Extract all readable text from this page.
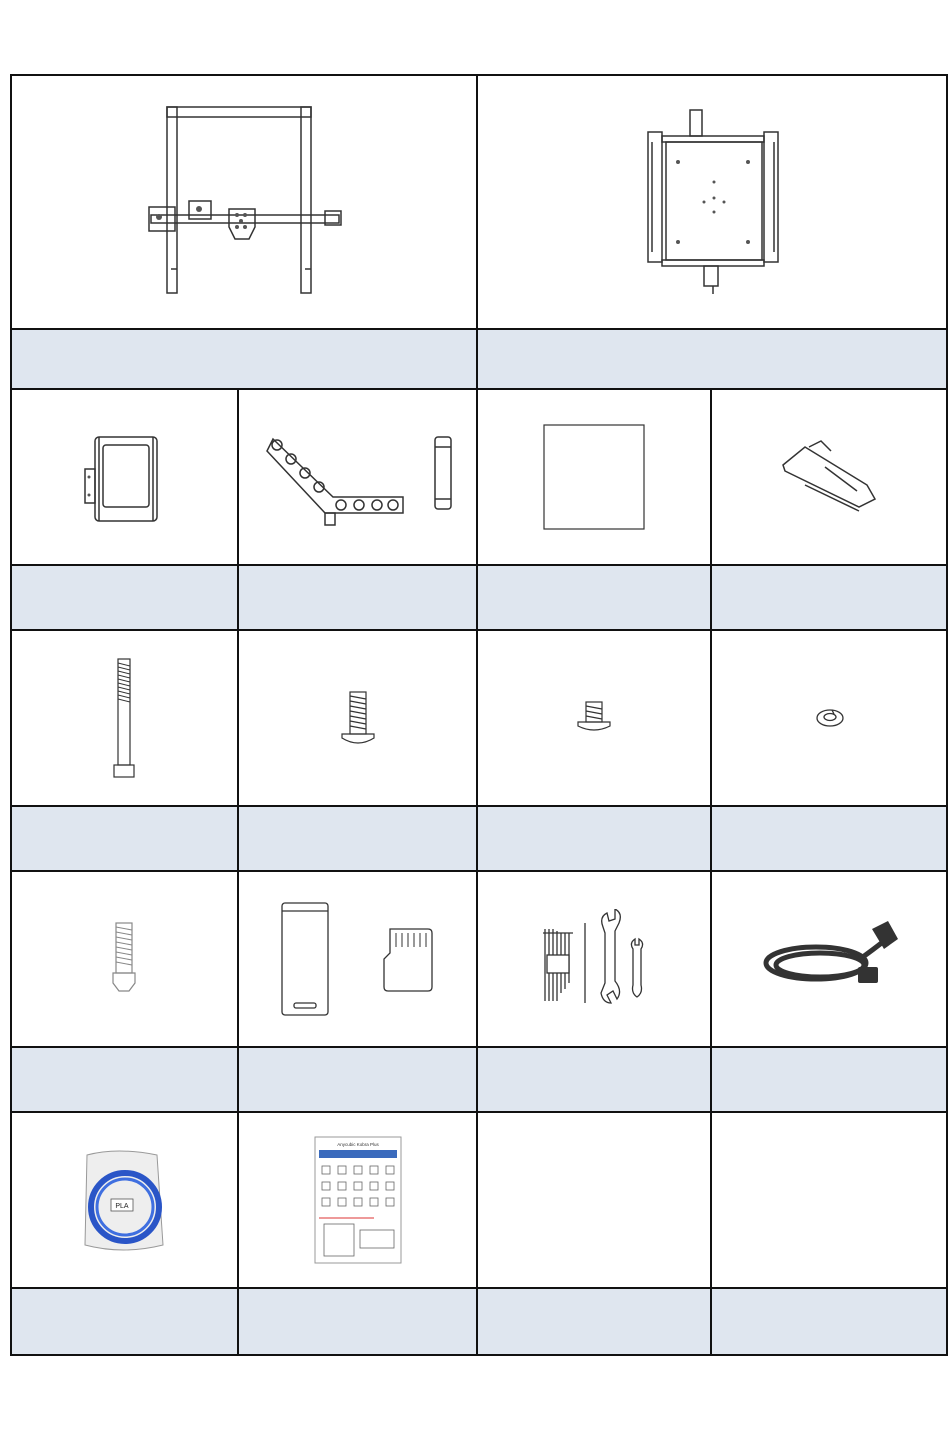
PLA
Anycubic Kobra Plus
